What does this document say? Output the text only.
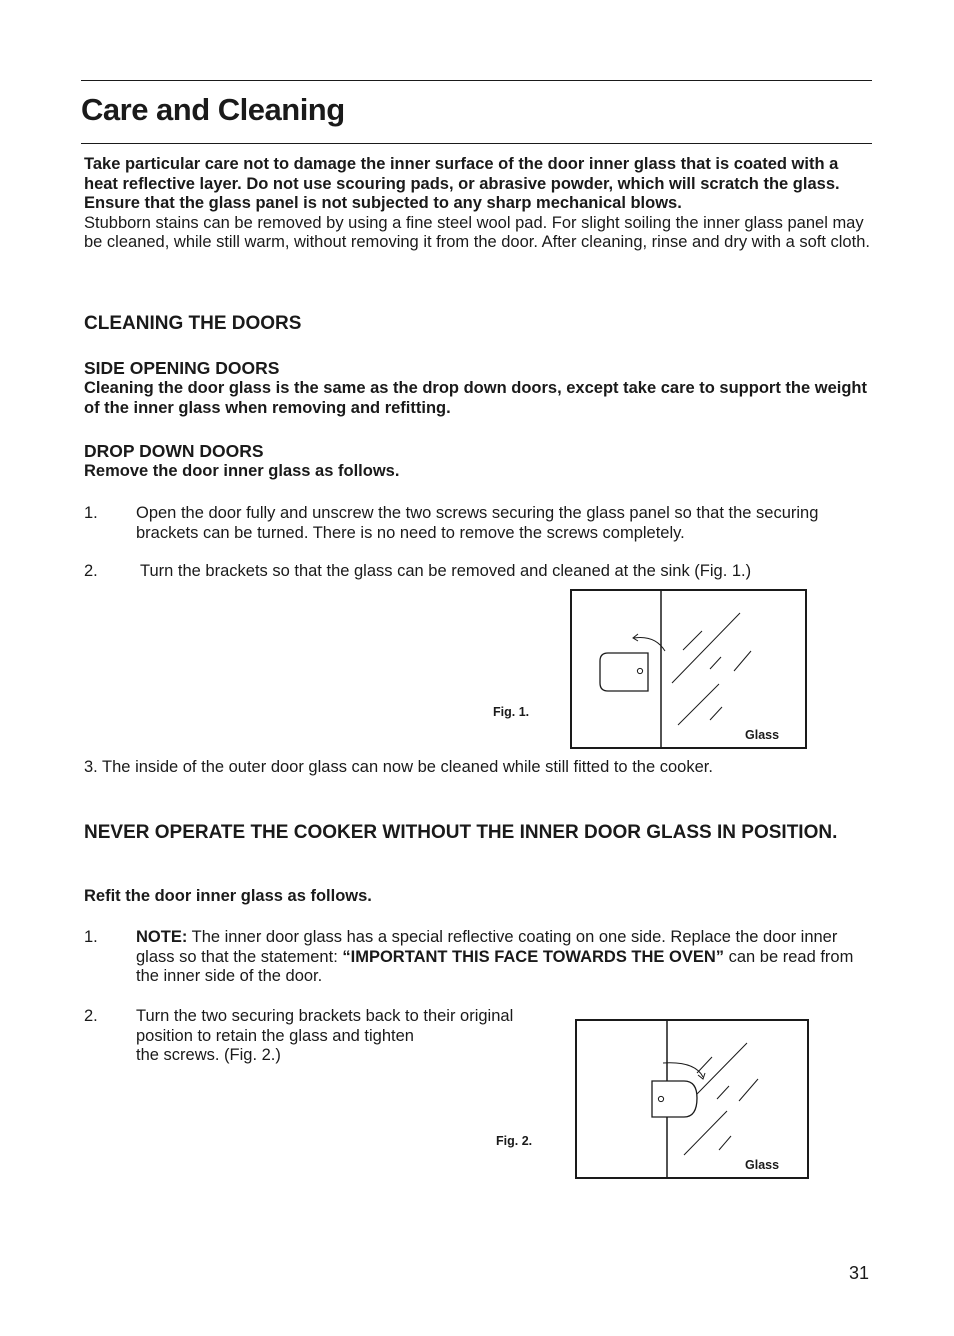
Care and Cleaning

Take particular care not to damage the inner surface of the door inner glass that is coated with a heat reflective layer. Do not use scouring pads, or abrasive powder, which will scratch the glass. Ensure that the glass panel is not subjected to any sharp mechanical blows.

Stubborn stains can be removed by using a fine steel wool pad. For slight soiling the inner glass panel may be cleaned, while still warm, without removing it from the door. After cleaning, rinse and dry with a soft cloth.

CLEANING THE DOORS
SIDE OPENING DOORS

Cleaning the door glass is the same as the drop down doors, except take care to support the weight of the inner glass when removing and refitting.

DROP DOWN DOORS

Remove the door inner glass as follows.

1. Open the door fully and unscrew the two screws securing the glass panel so that the securing brackets can be turned. There is no need to remove the screws completely.

2.	Turn the brackets so that the glass can be removed and cleaned at the sink (Fig. 1.)

Fig. 1.
Glass

3. The inside of the outer door glass can now be cleaned while still fitted to the cooker.

NEVER OPERATE THE COOKER WITHOUT THE INNER DOOR GLASS IN POSITION.

Refit the door inner glass as follows.

1. NOTE: The inner door glass has a special reflective coating on one side. Replace the door inner glass so that the statement: “IMPORTANT THIS FACE TOWARDS THE OVEN” can be read from the inner side of the door.

2. Turn the two securing brackets back to their original
position to retain the glass and tighten
the screws. (Fig. 2.)
Fig. 2.
Glass
31
